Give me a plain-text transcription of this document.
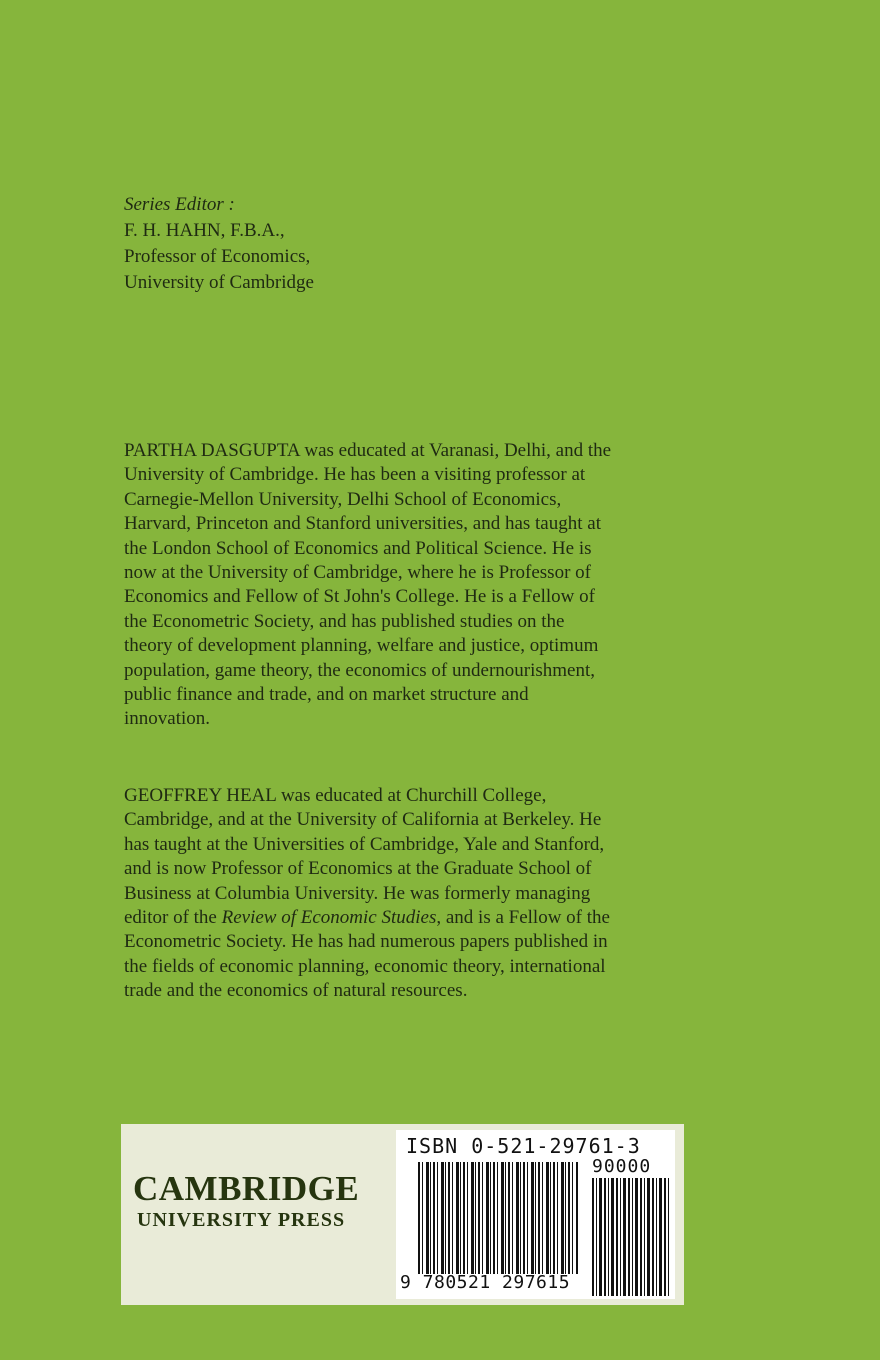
Series Editor :
F. H. HAHN, F.B.A.,
Professor of Economics,
University of Cambridge

PARTHA DASGUPTA was educated at Varanasi, Delhi, and the University of Cambridge. He has been a visiting professor at Carnegie-Mellon University, Delhi School of Economics, Harvard, Princeton and Stanford universities, and has taught at the London School of Economics and Political Science. He is now at the University of Cambridge, where he is Professor of Economics and Fellow of St John's College. He is a Fellow of the Econometric Society, and has published studies on the theory of development planning, welfare and justice, optimum population, game theory, the economics of undernourishment, public finance and trade, and on market structure and innovation.

GEOFFREY HEAL was educated at Churchill College, Cambridge, and at the University of California at Berkeley. He has taught at the Universities of Cambridge, Yale and Stanford, and is now Professor of Economics at the Graduate School of Business at Columbia University. He was formerly managing editor of the Review of Economic Studies, and is a Fellow of the Econometric Society. He has had numerous papers published in the fields of economic planning, economic theory, international trade and the economics of natural resources.

CAMBRIDGE
UNIVERSITY PRESS
ISBN 0-521-29761-3
90000
9 780521 297615
